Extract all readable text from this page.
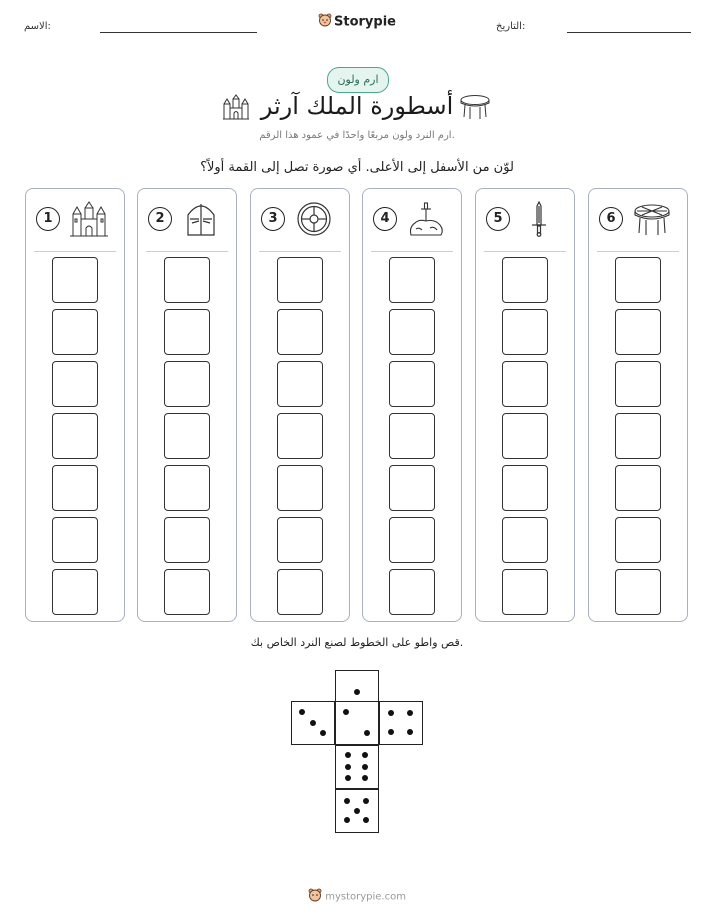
الاسم:	Storypie	التاريخ:
ارم ولون
أسطورة الملك آرثر
ارم النرد ولون مربعًا واحدًا في عمود هذا الرقم.
لوّن من الأسفل إلى الأعلى. أي صورة تصل إلى القمة أولاً؟
1	2	3	4	5	6
قص واطو على الخطوط لصنع النرد الخاص بك.
mystorypie.com
